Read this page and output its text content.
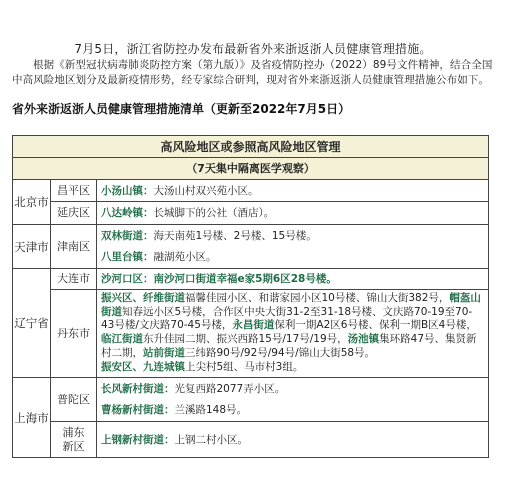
7月5日，浙江省防控办发布最新省外来浙返浙人员健康管理措施。

根据《新型冠状病毒肺炎防控方案（第九版）》及省疫情防控办（2022）89号文件精神，结合全国中高风险地区划分及最新疫情形势，经专家综合研判，现对省外来浙返浙人员健康管理措施公布如下。

省外来浙返浙人员健康管理措施清单（更新至2022年7月5日）
高风险地区或参照高风险地区管理		
（7天集中隔离医学观察）		
北京市	昌平区	小汤山镇：大汤山村双兴苑小区。
	延庆区	八达岭镇：长城脚下的公社（酒店）。
天津市	津南区	双林街道：海天南苑1号楼、2号楼、15号楼。
		八里台镇：融湖苑小区。
辽宁省	大连市	沙河口区：南沙河口街道幸福e家5期6区28号楼。
	丹东市	振兴区、纤维街道福馨佳园小区、和谐家园小区10号楼、锦山大街382号，帽盔山街道知春远小区5号楼，合作区中央大街31-2至31-18号楼、文庆路70-19至70-43号楼/文庆路70-45号楼，永昌街道保利一期A2区6号楼、保利一期B区4号楼，临江街道东升佳园二期、振兴西路15号/17号/19号，汤池镇集环路47号、集贤新村二期，站前街道三纬路90号/92号/94号/锦山大街58号。
振安区、九连城镇上尖村5组、马市村3组。
上海市	普陀区	长风新村街道：光复西路2077弄小区。
		曹杨新村街道：兰溪路148号。
	浦东
新区	上钢新村街道：上钢二村小区。
